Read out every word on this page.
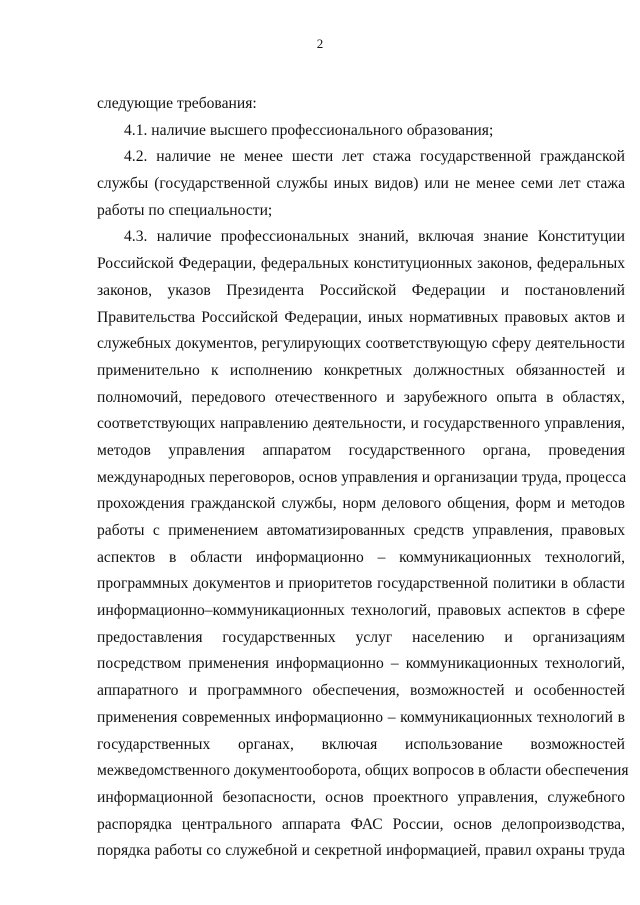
2
следующие требования:
4.1. наличие высшего профессионального образования;
4.2. наличие не менее шести лет стажа государственной гражданской
службы (государственной службы иных видов) или не менее семи лет стажа
работы по специальности;
4.3. наличие профессиональных знаний, включая знание Конституции
Российской Федерации, федеральных конституционных законов, федеральных
законов, указов Президента Российской Федерации и постановлений
Правительства Российской Федерации, иных нормативных правовых актов и
служебных документов, регулирующих соответствующую сферу деятельности
применительно к исполнению конкретных должностных обязанностей и
полномочий, передового отечественного и зарубежного опыта в областях,
соответствующих направлению деятельности, и государственного управления,
методов управления аппаратом государственного органа, проведения
международных переговоров, основ управления и организации труда, процесса
прохождения гражданской службы, норм делового общения, форм и методов
работы с применением автоматизированных средств управления, правовых
аспектов в области информационно – коммуникационных технологий,
программных документов и приоритетов государственной политики в области
информационно–коммуникационных технологий, правовых аспектов в сфере
предоставления государственных услуг населению и организациям
посредством применения информационно – коммуникационных технологий,
аппаратного и программного обеспечения, возможностей и особенностей
применения современных информационно – коммуникационных технологий в
государственных органах, включая использование возможностей
межведомственного документооборота, общих вопросов в области обеспечения
информационной безопасности, основ проектного управления, служебного
распорядка центрального аппарата ФАС России, основ делопроизводства,
порядка работы со служебной и секретной информацией, правил охраны труда
